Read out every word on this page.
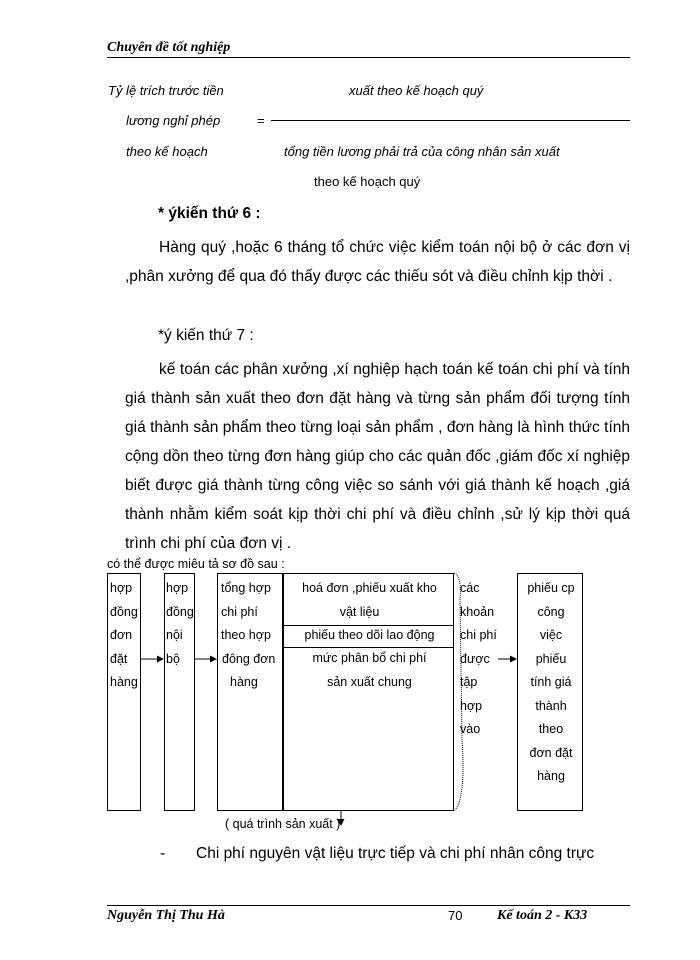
Chuyên đề tốt nghiệp
Tỷ lệ trích trước tiền	xuất theo kế hoạch quý
lương nghỉ phép	=
theo kế hoạch	tổng tiền lương phải trả của công nhân sản xuất
theo kế hoạch quý
* ýkiến thứ 6 :
Hàng quý ,hoặc 6 tháng tổ chức việc kiểm toán nội bộ ở các đơn vị ,phân xưởng để qua đó thấy được các thiếu sót và điều chỉnh kịp thời .
*ý kiến thứ 7 :
kế toán các phân xưởng ,xí nghiệp hạch toán kế toán chi phí và tính giá thành sản xuất theo đơn đặt hàng và từng sản phẩm đối tượng tính giá thành sản phẩm theo từng loại sản phẩm , đơn hàng là hình thức tính cộng dồn theo từng đơn hàng giúp cho các quản đốc ,giám đốc xí nghiệp biết được giá thành từng công việc so sánh với giá thành kế hoạch ,giá thành nhằm kiểm soát kịp thời chi phí và điều chỉnh ,sử lý kịp thời quá trình chi phí của đơn vị .
có thể được miêu tả sơ đồ sau :
hợp
đồng
đơn
đặt
hàng
hợp
đồng
nội
bộ
tổng hợp
chi phí
theo hợp
đông đơn
hàng
hoá đơn ,phiếu xuất kho
vật liệu
phiếu theo dõi lao động
mức phân bổ chi phí
sản xuất chung
các
khoản
chi phí
được
tập
hợp
vào
phiếu cp
công
việc
phiếu
tính giá
thành
theo
đơn đặt
hàng
( quá trình sản xuất )
- Chi phí nguyên vật liệu trực tiếp và chi phí nhân công trực
Nguyễn Thị Thu Hà	70 Kế toán 2 - K33
